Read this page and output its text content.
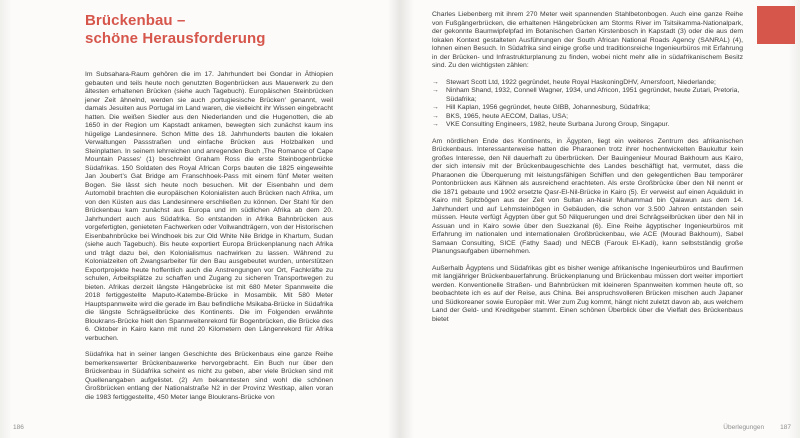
Brückenbau –
schöne Herausforderung

Im Subsahara-Raum gehören die im 17. Jahrhundert bei Gondar in Äthiopien gebauten und teils heute noch genutzten Bogenbrücken aus Mauerwerk zu den ältesten erhaltenen Brücken (siehe auch Tagebuch). Europäischen Steinbrücken jener Zeit ähnelnd, werden sie auch ‚portugiesische Brücken‘ genannt, weil damals Jesuiten aus Portugal im Land waren, die vielleicht ihr Wissen eingebracht hatten. Die weißen Siedler aus den Niederlanden und die Hugenotten, die ab 1650 in der Region um Kapstadt ankamen, bewegten sich zunächst kaum ins hügelige Landesinnere. Schon Mitte des 18. Jahrhunderts bauten die lokalen Verwaltungen Passstraßen und einfache Brücken aus Holzbalken und Steinplatten. In seinem lehrreichen und anregenden Buch ‚The Romance of Cape Mountain Passes‘ (1) beschreibt Graham Ross die erste Steinbogenbrücke Südafrikas. 150 Soldaten des Royal African Corps bauten die 1825 eingeweihte Jan Joubert’s Gat Bridge am Franschhoek-Pass mit einem fünf Meter weiten Bogen. Sie lässt sich heute noch besuchen. Mit der Eisenbahn und dem Automobil brachten die europäischen Kolonialisten auch Brücken nach Afrika, um von den Küsten aus das Landesinnere erschließen zu können. Der Stahl für den Brückenbau kam zunächst aus Europa und im südlichen Afrika ab dem 20. Jahrhundert auch aus Südafrika. So entstanden in Afrika Bahnbrücken aus vorgefertigten, genieteten Fachwerken oder Vollwandträgern, von der Historischen Eisenbahnbrücke bei Windhoek bis zur Old White Nile Bridge in Khartum, Sudan (siehe auch Tagebuch). Bis heute exportiert Europa Brückenplanung nach Afrika und trägt dazu bei, den Kolonialismus nachwirken zu lassen. Während zu Kolonialzeiten oft Zwangsarbeiter für den Bau ausgebeutet wurden, unterstützen Exportprojekte heute hoffentlich auch die Anstrengungen vor Ort, Fachkräfte zu schulen, Arbeitsplätze zu schaffen und Zugang zu sicheren Transportwegen zu bieten. Afrikas derzeit längste Hängebrücke ist mit 680 Meter Spannweite die 2018 fertiggestellte Maputo-Katembe-Brücke in Mosambik. Mit 580 Meter Hauptspannweite wird die gerade im Bau befindliche Msikaba-Brücke in Südafrika die längste Schrägseilbrücke des Kontinents. Die im Folgenden erwähnte Bloukrans-Brücke hielt den Spannweitenrekord für Bogenbrücken, die Brücke des 6. Oktober in Kairo kann mit rund 20 Kilometern den Längenrekord für Afrika verbuchen.

Südafrika hat in seiner langen Geschichte des Brückenbaus eine ganze Reihe bemerkenswerter Brückenbauwerke hervorgebracht. Ein Buch nur über den Brückenbau in Südafrika scheint es nicht zu geben, aber viele Brücken sind mit Quellenangaben aufgelistet. (2) Am bekanntesten sind wohl die schönen Großbrücken entlang der Nationalstraße N2 in der Provinz Westkap, allen voran die 1983 fertiggestellte, 450 Meter lange Bloukrans-Brücke von

186

Charles Liebenberg mit ihrem 270 Meter weit spannenden Stahlbetonbogen. Auch eine ganze Reihe von Fußgängerbrücken, die erhaltenen Hängebrücken am Storms River im Tsitsikamma-Nationalpark, der gekonnte Baumwipfelpfad im Botanischen Garten Kirstenbosch in Kapstadt (3) oder die aus dem lokalen Kontext gestalteten Ausführungen der South African National Roads Agency (SANRAL) (4), lohnen einen Besuch. In Südafrika sind einige große und traditionsreiche Ingenieurbüros mit Erfahrung in der Brücken- und Infrastrukturplanung zu finden, wobei nicht mehr alle in südafrikanischem Besitz sind. Zu den wichtigsten zählen:

→	Stewart Scott Ltd, 1922 gegründet, heute Royal HaskoningDHV, Amersfoort, Niederlande;
→	Ninham Shand, 1932, Connell Wagner, 1934, und Africon, 1951 gegründet, heute Zutari, Pretoria, Südafrika;
→	Hill Kaplan, 1956 gegründet, heute GIBB, Johannesburg, Südafrika;
→	BKS, 1965, heute AECOM, Dallas, USA;
→	VKE Consulting Engineers, 1982, heute Surbana Jurong Group, Singapur.

Am nördlichen Ende des Kontinents, in Ägypten, liegt ein weiteres Zentrum des afrikanischen Brückenbaus. Interessanterweise hatten die Pharaonen trotz ihrer hochentwickelten Baukultur kein großes Interesse, den Nil dauerhaft zu überbrücken. Der Bauingenieur Mourad Bakhoum aus Kairo, der sich intensiv mit der Brückenbaugeschichte des Landes beschäftigt hat, vermutet, dass die Pharaonen die Überquerung mit leistungsfähigen Schiffen und den gelegentlichen Bau temporärer Pontonbrücken aus Kähnen als ausreichend erachteten. Als erste Großbrücke über den Nil nennt er die 1871 gebaute und 1902 ersetzte Qasr-El-Nil-Brücke in Kairo (5). Er verweist auf einen Aquädukt in Kairo mit Spitzbögen aus der Zeit von Sultan an-Nasir Muhammad bin Qalawun aus dem 14. Jahrhundert und auf Lehmsteinbögen in Gebäuden, die schon vor 3.500 Jahren entstanden sein müssen. Heute verfügt Ägypten über gut 50 Nilquerungen und drei Schrägseilbrücken über den Nil in Assuan und in Kairo sowie über den Suezkanal (6). Eine Reihe ägyptischer Ingenieurbüros mit Erfahrung im nationalen und internationalen Großbrückenbau, wie ACE (Mourad Bakhoum), Sabel Samaan Consulting, SICE (Fathy Saad) und NECB (Farouk El-Kadi), kann selbstständig große Planungsaufgaben übernehmen.

Außerhalb Ägyptens und Südafrikas gibt es bisher wenige afrikanische Ingenieurbüros und Baufirmen mit langjähriger Brückenbauerfahrung. Brückenplanung und Brückenbau müssen dort weiter importiert werden. Konventionelle Straßen- und Bahnbrücken mit kleineren Spannweiten kommen heute oft, so beobachtete ich es auf der Reise, aus China. Bei anspruchsvolleren Brücken mischen auch Japaner und Südkoreaner sowie Europäer mit. Wer zum Zug kommt, hängt nicht zuletzt davon ab, aus welchem Land der Geld- und Kreditgeber stammt. Einen schönen Überblick über die Vielfalt des Brückenbaus bietet

Überlegungen 187
